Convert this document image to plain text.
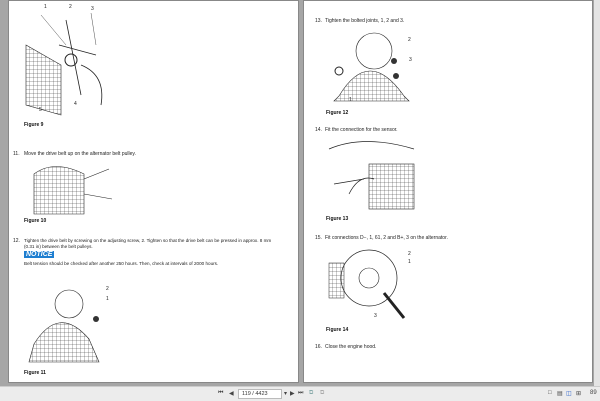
1	2	3
4
5
Figure 9
11. Move the drive belt up on the alternator belt pulley.
Figure 10
12. Tighten the drive belt by screwing on the adjusting screw, 2. Tighten so that the drive belt can be pressed in approx. 8 mm
(0.31 in) between the belt pulleys.
NOTICE
Belt tension should be checked after another 250 hours. Then, check at intervals of 2000 hours.
2
1
Figure 11
13. Tighten the bolted joints, 1, 2 and 3.
2
3
1
Figure 12
14. Fit the connection for the sensor.
Figure 13
15. Fit connections D−, 1, 61, 2 and B+, 3 on the alternator.
2
1
3
Figure 14
16. Close the engine hood.
⏮ ◀	119 / 4423	▾ ▶ ⏭ ⧉ ⧉	□ ▤ ◫ ⊞ 89
